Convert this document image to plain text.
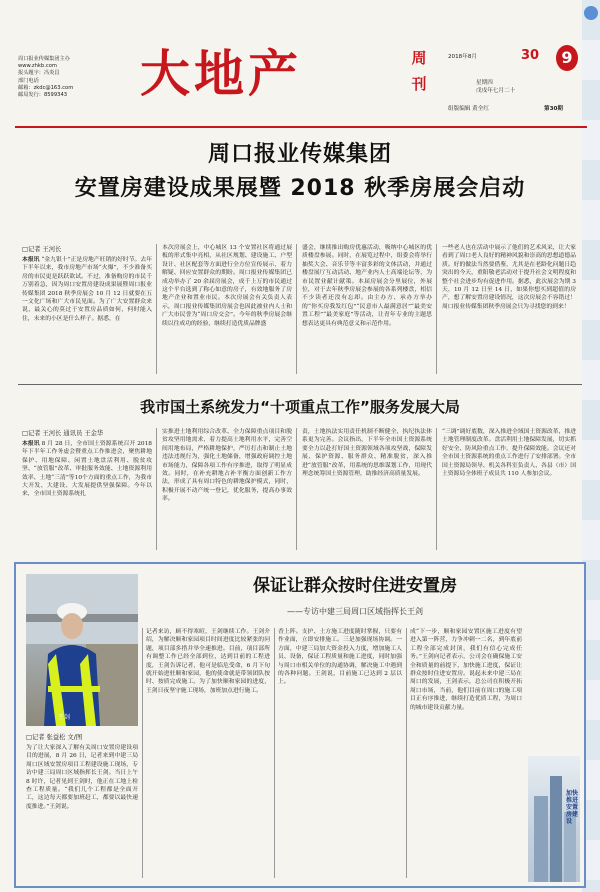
周口报业传媒集团主办
www.zhkb.com
报头题字：冯炎昌
部门电话
邮箱：zkdc@163.com
邮局发行：8599343	大地产	周
刊
2018年8月
星期四
戊戌年七月二十
组版编辑 黄全红	第30期
30	9
周口报业传媒集团
安置房建设成果展暨 2018 秋季房展会启动
□记者 王河长
本报讯 “金九银十”正是房地产旺销的好时节。去年下半年以来，我市房地产市场“火爆”，不少准备买房的市民更是跃跃欲试。不过，准备购房的市民千万别着急，因为周口安置房建设成果展暨周口报业传媒集团 2018 秋季房展会 10 月 12 日就要在五一文化广场和广大市民见面。为了广大安置群众来说，最关心的莫过于安置房品质如何，何时能入住，未来的小区是什么样子。据悉，在
本次房展会上，中心城区 13 个安置社区将通过展板的形式集中亮相，从社区规划、建设施工、户型设计、社区配套等方面进行全方位宣传展示，着力解疑、回应安置群众的期盼。周口报业传媒集团已成功举办了 20 余届房展会，成千上万的市民通过这个平台选到了称心如意的房子，有效地服务了房地产企业和置业市民。本次房展会有关负责人表示，周口报业传媒集团房展会也因此被业内人士和广大市民誉为“周口房交会”。今年的秋季房展会继续以往成功的经验，继续打造优质品牌盛
盛会，继续推出购房优惠活动，吸纳中心城区的优质楼盘参展。同时，在展览过程中，组委会将举行抽奖大会、音乐节等丰富多彩的文体活动，并通过楼盘展厅互动活动、地产业内人士高端论坛等，为市民置业献计献策。本届房展会分里展位，外展位，对于去年秋季房展会参展的各系列楼盘，相信不少读者还没有忘却。由主办方、承办方举办的“你买房我发红包”“民意市人最满意居”“最美安置工程”“最美家庭”等活动，让青年专业的主题思想表达更具有典范意义和示范作用。
一些老人也在活动中展示了他们的艺术风采，让大家看到了周口老人良好的精神风貌和崇高的思想道德品质。好的做法当然要借鉴，尤其是在老龄化问题日趋突出的今天，重阳敬老活动对于提升社会文明程度和整个社会进步均有促进作用。据悉，此次展会为期 3 天，10 月 12 日至 14 日，如果你想买到超值的房产，想了解安置房建设情况，这次房展会不容错过！周口报业传媒集团秋季房展会只为寻找您的到来！
我市国土系统发力“十项重点工作”服务发展大局
□记者 王河长 通讯员 王金华
本报讯 8 月 28 日，全市国土资源系统召开 2018 年下半年工作务虚会暨重点工作推进会，聚焦耕地保护、用地保障、闲置土地盘活利用、脱贫攻坚、“放管服”改革、审批服务效能、土地资源利用效率、土地“三清”等10个方面的重点工作，为我市大开发、大建设、大发展提供坚强保障。今年以来，全市国土资源系统扎
实推进土地利用综合改革、全力保障重点项目和脱贫攻坚用地需求，着力提高土地利用水平，完善空间用地布局，严格耕地保护，严厉打击和制止土地违法违规行为，强化土地储备，增强政府调控土地市场能力，保障各项工作有序推进，取得了明显成效。同时，在补充耕地占补平衡方面创新工作方法，形成了具有周口特色的耕地保护模式，同时，积极开展不动产统一登记，优化服务，提高办事效率。
责，土地执法实用责任机制不断健全，执纪执法体系更为完善。会议指出，下半年全市国土资源系统要全力以赴打好国土资源领域各项攻坚战，保障发展、保护资源、服务群众、精准脱贫，深入推进“放管服”改革，用系统的思维谋划工作，用现代理念统筹国土资源管理，助推经济高质量发展。
“三调”调好底数，深入推进全域国土资源改革，推进土地管理制度改革。盘活利用土地保障发展，切实抓好安全、防风险重点工作，提升保障效能。会议还对全市国土资源系统的重点工作进行了安排部署。全市国土资源局领导、机关各科室负责人、各县（市）国土资源局全体班子成员共 110 人参加会议。
王剑
保证让群众按时住进安置房
——专访中建三局周口区域指挥长王剑
□记者 张益松 文/图
为了让大家深入了解有关周口安置房建设项目的进展，8 月 26 日，记者来到中建三局周口区域安置房项目工程建设施工现场，专访中建三局周口区域指挥长王剑。当日上午 8 时许，记者见到王剑时，他正在工地上检查工程质量。“我们几个工程都是全面开工，这边每天都要加班赶工，都要以最快速度推进。”王剑说。
记者来访，顾不得寒暄，王剑继续工作。王剑介绍，为解决顺和家园项目时间进度比较紧张的问题，项目部多措并举全速推进。目前，项目部所有调整工作已经全部到位，达到目前的工程进度，王剑告诉记者，他可是临危受命，6 月下旬就开始进驻顺和家园，他的使命就是带领团队按时、按质完成施工。为了加快顺和家园的进度，王剑日夜坚守施工现场，加班加点进行施工。
香上阵。支护、土方施工进度随时掌握，只要有作业面，立即安排施工。三是加强现场协调。一方面，中建三局加大资金投入力度，增加施工人员、设备，保证工程质量和施工进度，同时加强与周口市相关单位的沟通协调，解决施工中遇到的各种问题。王剑说，目前施工已达到 2 层以上。
成“下一步，顺和家园安置区施工进度有望进入第一阵营，力争冲刺一二名，到年底前工程全部完成封顶，我们有信心完成任务。”王剑向记者表示，公司会在确保施工安全和质量的前提下，加快施工进度，保证让群众按时住进安置房。说起未来中建三局在周口的发展，王剑表示，总公司在积极开拓周口市场，当前，他们目前在周口的施工项目正有序推进，继续打造优质工程，为周口的城市建设贡献力量。
加快推进安置房建设
